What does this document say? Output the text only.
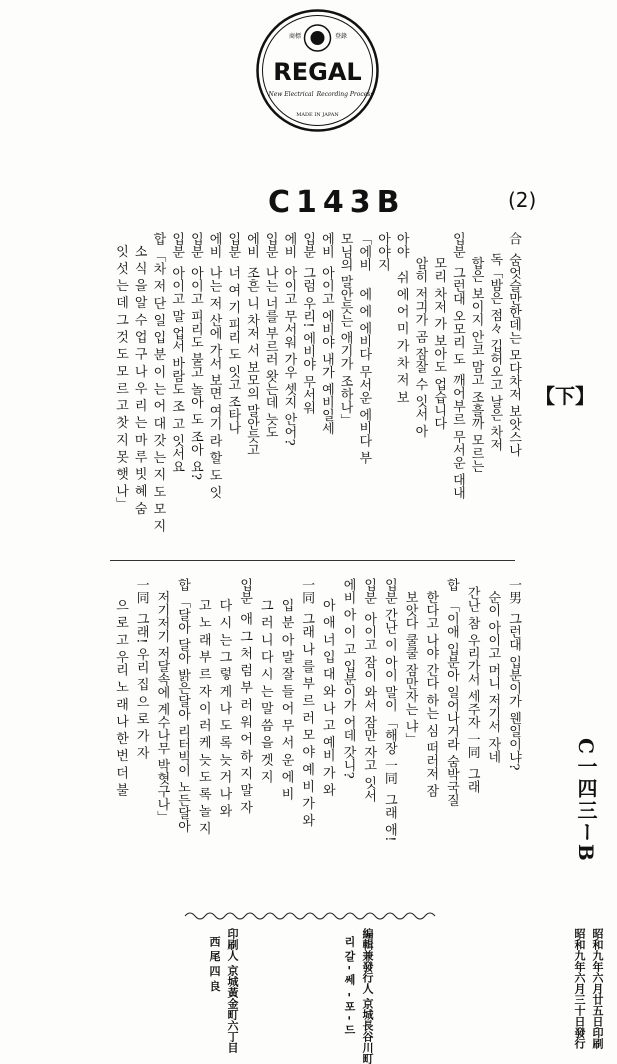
REGAL
商標	登錄
New Electrical Recording Process
MADE IN JAPAN
C143B	(2)
合  숨엇슬만한데는 모다차저 보앗스나
독「밤은 점々 깁허오고 날은 차저
합은 보이지 안코 맘고 조흘까 모르는
입분  그런대 오모리 도  깨어부르 무서운 대내
모리 차저 가 보아도 업습니다
암히 저긔가 곰 잠잘 수 잇서 아
아야   쉬 에 어 미 가 차 저 보
아야지
「에비    에 에 에비다 무서운 에비다 부
모님의 말안듯는 애기가 조하나」
에비  아이고 에비야 내가 예비일세
입분  그럼 우리! 에비야 무서워
에비  아이고 무서워 가우 셋지 안어?
입분  나는 너를 부르러 왓는데 늣도
에비  조흔 니 차저 서 보모의 말안듯고
입분  너 여 기 피리 도 잇고 조타나
에비  나는 저 산에 가서 보면 여기 라 할 도 잇
입분  아이고 피리도 불고 놀아 도 조아 요?
입분  아이고 말 업서 바람도 조 고 잇서요
합 「차 저 단 일 입 분 이 는 어 대 갓 는 지 도 모 지
소 식 을 알 수 업 구 나 우 리 는 마 루 빗 혜 숨
잇 섯 는 데 그 것 도 모 르 고 찻 지 못 햇 나」	【下】
一男  그런대 입분이가 웬일이냐?
순이 아이고 머니 저기서 자네
간난 참 우리가서 세주자 一同  그래
합  「이애 입분아 일어나거라 숨박국질
한다고 나야 간다 하는 심 떠러저 잠
보앗다 쿨쿨 잠만자는 냐」
입분 간난 이 아이 말이 「해장 一同  그래 애!
입분  아이고 잠이 와서 잠만 자고 잇서
에비 아 이 고 입분이가 어데 갓니?
아 애 너 입 대 와 나 고 예비 가 와
一同  그래 나 를 부 르 러 모 야 예 비 가 와
입 분 아 말 잘 들 어 무 서 운 에 비
그 러 니 다 시 는 말 씀 을 겟 지
입분  애 그 처 럼 부 러 워 어 하 지 말 자
다 시 는 그 렇 게 나 도 록 늣 거 나 와
고 노 래 부 르 자 이 러 케 늣 도 록 놀 지
합 「달아 달아 밝은달아 리터빅이 노든달아
저기저기 저달속에 계수나무 박혓구나」
一同  그래! 우리 집 으 로 가 자
으 로 고 우리 노 래 나 한 번 더 불
C一四三ーB
昭和九年六月廿五日印刷
昭和九年六月三十日發行
編輯兼發行人 京城長谷川町
리 갈 - 쎄  - 포 - 드
印刷人 京城黃金町六丁目
西 尾 四 良
